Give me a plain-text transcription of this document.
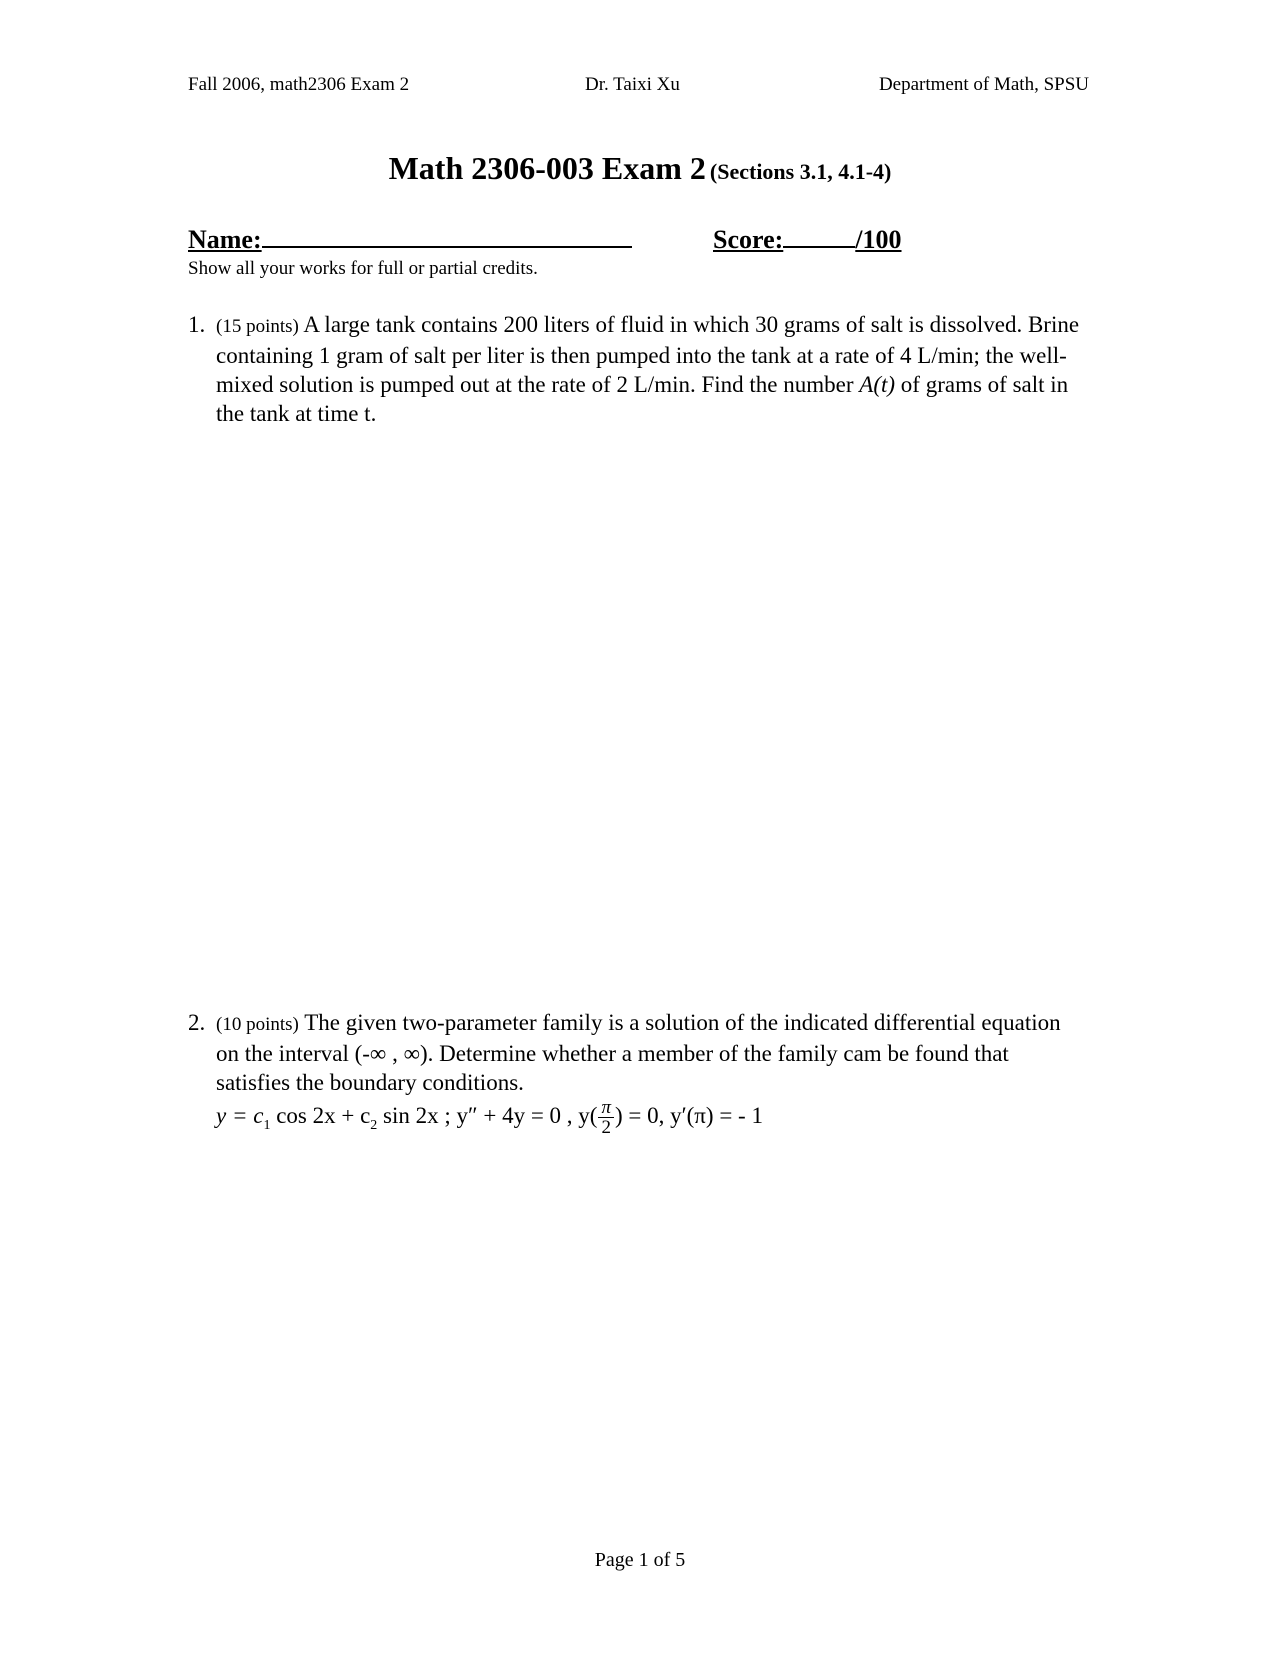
Fall 2006, math2306 Exam 2	Dr. Taixi Xu	Department of Math, SPSU
Math 2306-003 Exam 2 (Sections 3.1, 4.1-4)
Name:	Score:	/100
Show all your works for full or partial credits.
1. (15 points) A large tank contains 200 liters of fluid in which 30 grams of salt is dissolved. Brine containing 1 gram of salt per liter is then pumped into the tank at a rate of 4 L/min; the well-mixed solution is pumped out at the rate of 2 L/min. Find the number A(t) of grams of salt in the tank at time t.
2. (10 points) The given two-parameter family is a solution of the indicated differential equation on the interval (-∞ , ∞). Determine whether a member of the family cam be found that satisfies the boundary conditions.
$y = c_1$ $\cos 2x + c_2$ sin 2x ; y″ + 4y = 0 , $y( \frac{\pi}{2}$ ) = 0, y′(π) = - 1
Page 1 of 5
